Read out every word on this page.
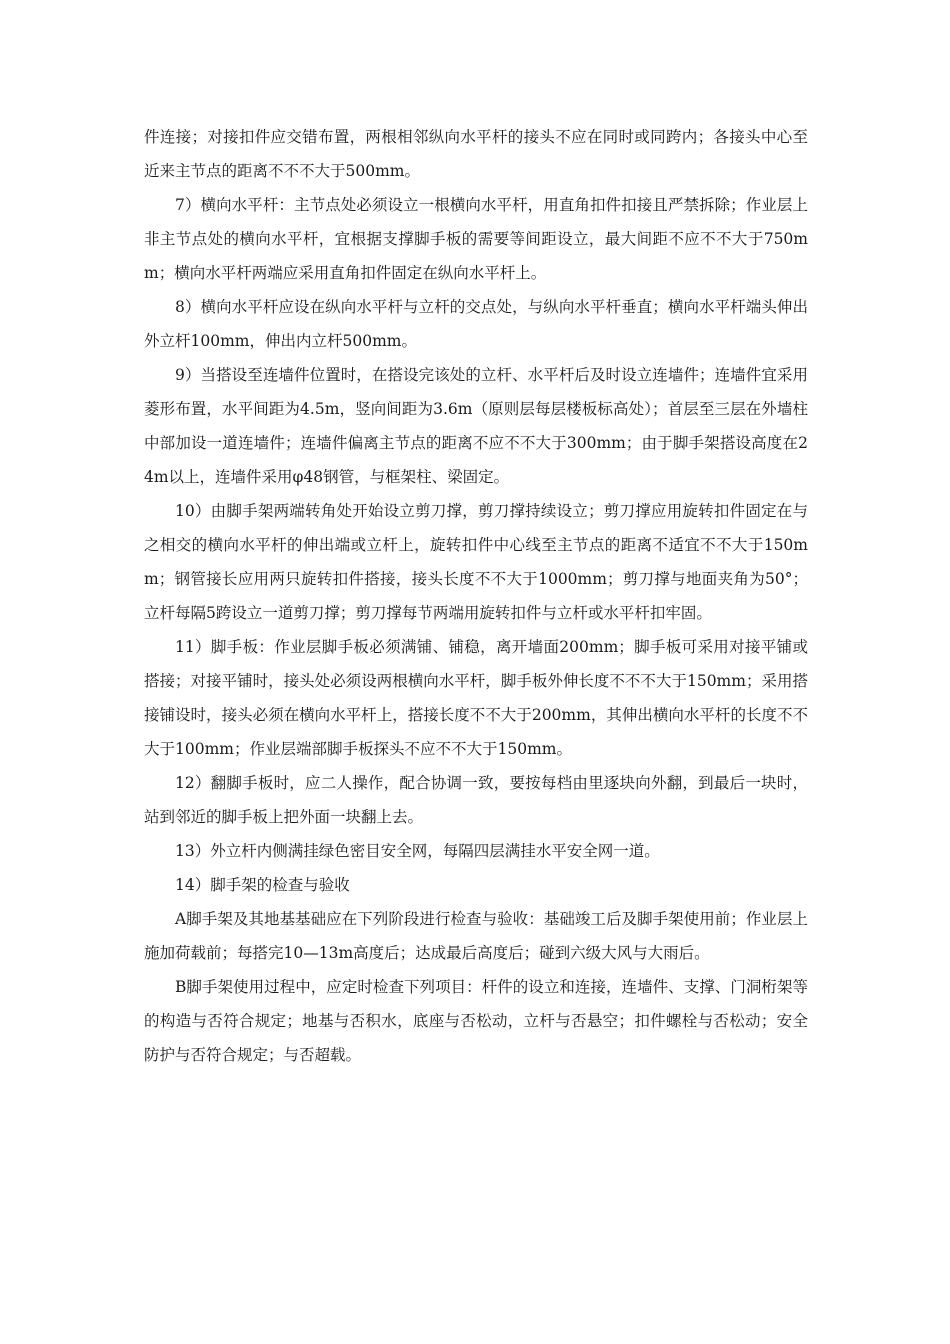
件连接；对接扣件应交错布置，两根相邻纵向水平杆的接头不应在同时或同跨内；各接头中心至近来主节点的距离不不不大于500mm。

7）横向水平杆：主节点处必须设立一根横向水平杆，用直角扣件扣接且严禁拆除；作业层上非主节点处的横向水平杆，宜根据支撑脚手板的需要等间距设立，最大间距不应不不大于750mm；横向水平杆两端应采用直角扣件固定在纵向水平杆上。

8）横向水平杆应设在纵向水平杆与立杆的交点处，与纵向水平杆垂直；横向水平杆端头伸出外立杆100mm，伸出内立杆500mm。

9）当搭设至连墙件位置时，在搭设完该处的立杆、水平杆后及时设立连墙件；连墙件宜采用菱形布置，水平间距为4.5m，竖向间距为3.6m（原则层每层楼板标高处）；首层至三层在外墙柱中部加设一道连墙件；连墙件偏离主节点的距离不应不不大于300mm；由于脚手架搭设高度在24m以上，连墙件采用φ48钢管，与框架柱、梁固定。

10）由脚手架两端转角处开始设立剪刀撑，剪刀撑持续设立；剪刀撑应用旋转扣件固定在与之相交的横向水平杆的伸出端或立杆上，旋转扣件中心线至主节点的距离不适宜不不大于150mm；钢管接长应用两只旋转扣件搭接，接头长度不不大于1000mm；剪刀撑与地面夹角为50°；立杆每隔5跨设立一道剪刀撑；剪刀撑每节两端用旋转扣件与立杆或水平杆扣牢固。

11）脚手板：作业层脚手板必须满铺、铺稳，离开墙面200mm；脚手板可采用对接平铺或搭接；对接平铺时，接头处必须设两根横向水平杆，脚手板外伸长度不不不大于150mm；采用搭接铺设时，接头必须在横向水平杆上，搭接长度不不大于200mm，其伸出横向水平杆的长度不不大于100mm；作业层端部脚手板探头不应不不大于150mm。

12）翻脚手板时，应二人操作，配合协调一致，要按每档由里逐块向外翻，到最后一块时，站到邻近的脚手板上把外面一块翻上去。

13）外立杆内侧满挂绿色密目安全网，每隔四层满挂水平安全网一道。

14）脚手架的检查与验收

A脚手架及其地基基础应在下列阶段进行检查与验收：基础竣工后及脚手架使用前；作业层上施加荷载前；每搭完10—13m高度后；达成最后高度后；碰到六级大风与大雨后。

B脚手架使用过程中，应定时检查下列项目：杆件的设立和连接，连墙件、支撑、门洞桁架等的构造与否符合规定；地基与否积水，底座与否松动，立杆与否悬空；扣件螺栓与否松动；安全防护与否符合规定；与否超载。
